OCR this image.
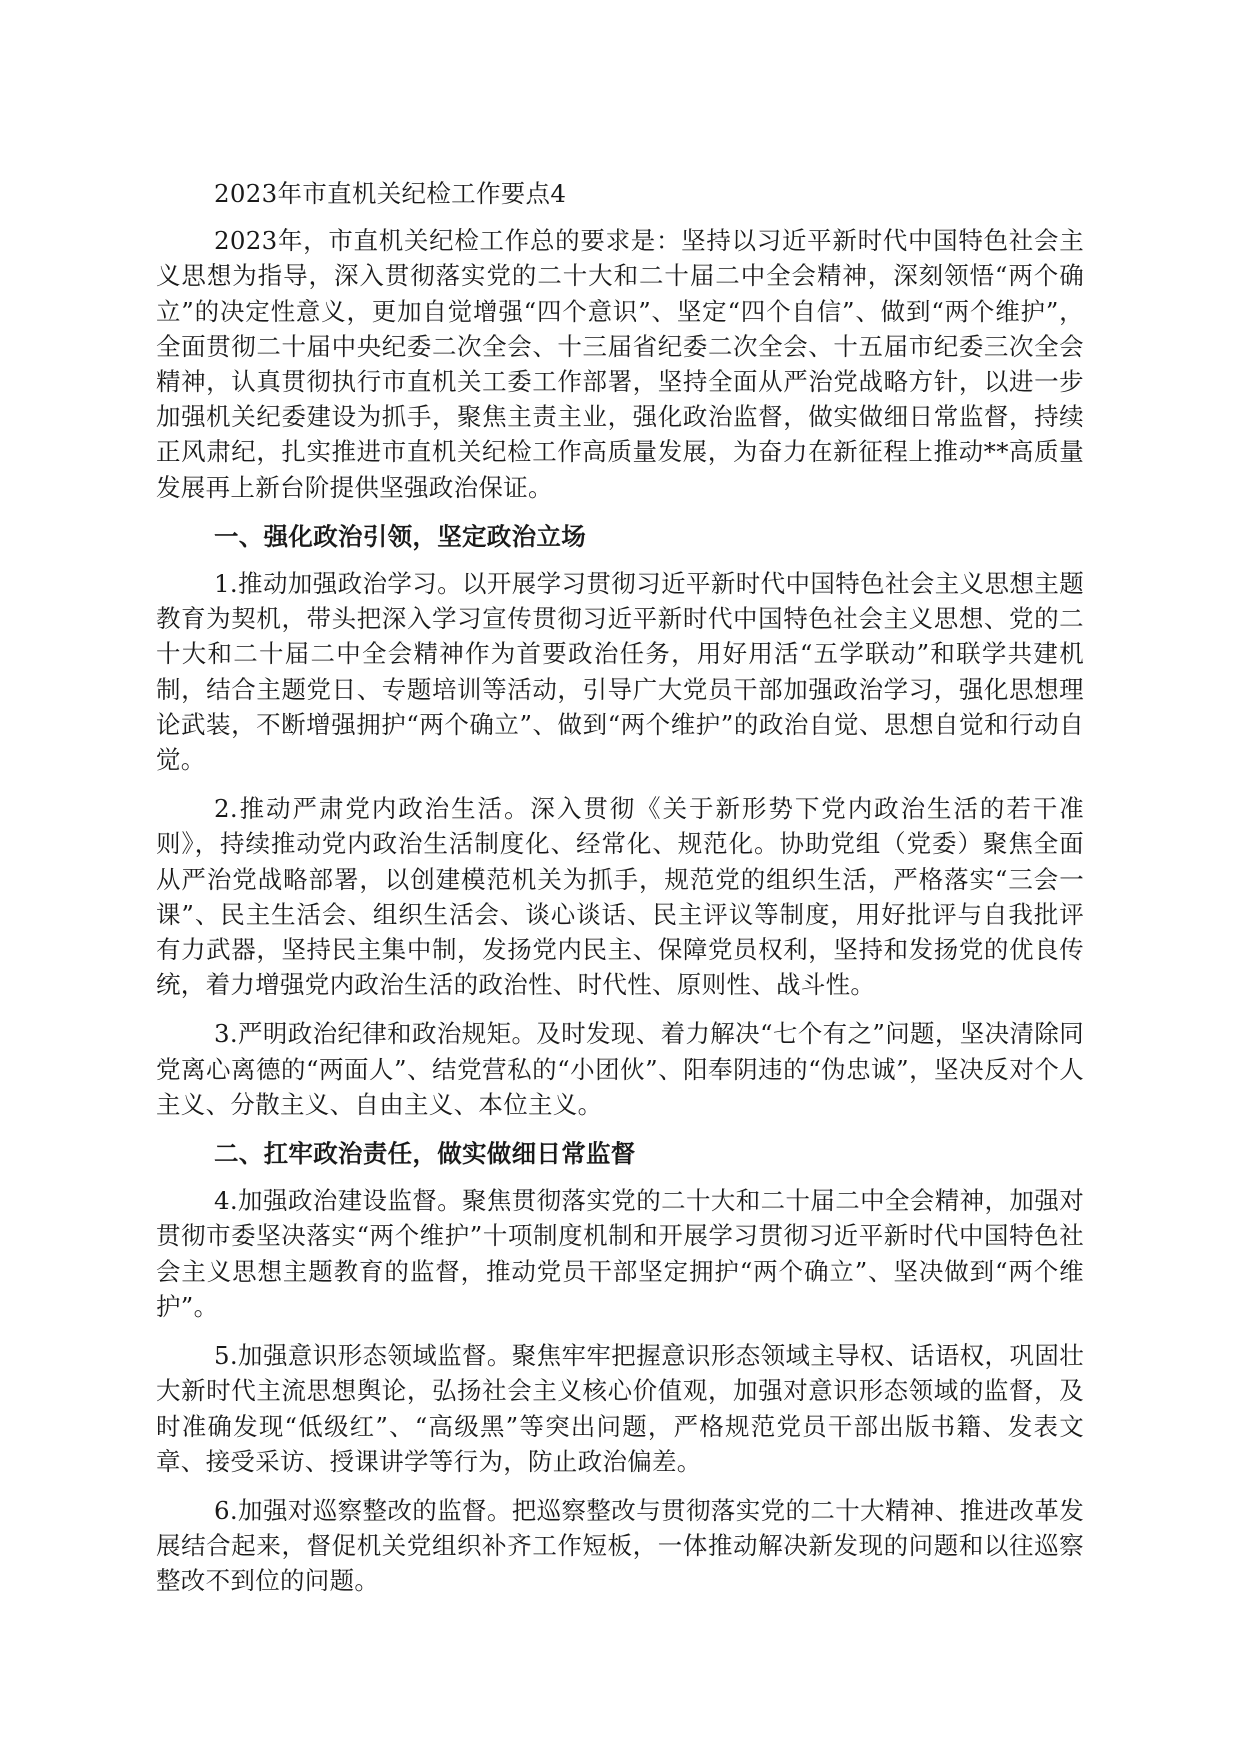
2023年市直机关纪检工作要点4

2023年，市直机关纪检工作总的要求是：坚持以习近平新时代中国特色社会主义思想为指导，深入贯彻落实党的二十大和二十届二中全会精神，深刻领悟“两个确立”的决定性意义，更加自觉增强“四个意识”、坚定“四个自信”、做到“两个维护”，全面贯彻二十届中央纪委二次全会、十三届省纪委二次全会、十五届市纪委三次全会精神，认真贯彻执行市直机关工委工作部署，坚持全面从严治党战略方针，以进一步加强机关纪委建设为抓手，聚焦主责主业，强化政治监督，做实做细日常监督，持续正风肃纪，扎实推进市直机关纪检工作高质量发展，为奋力在新征程上推动**高质量发展再上新台阶提供坚强政治保证。

一、强化政治引领，坚定政治立场

1.推动加强政治学习。以开展学习贯彻习近平新时代中国特色社会主义思想主题教育为契机，带头把深入学习宣传贯彻习近平新时代中国特色社会主义思想、党的二十大和二十届二中全会精神作为首要政治任务，用好用活“五学联动”和联学共建机制，结合主题党日、专题培训等活动，引导广大党员干部加强政治学习，强化思想理论武装，不断增强拥护“两个确立”、做到“两个维护”的政治自觉、思想自觉和行动自觉。

2.推动严肃党内政治生活。深入贯彻《关于新形势下党内政治生活的若干准则》，持续推动党内政治生活制度化、经常化、规范化。协助党组（党委）聚焦全面从严治党战略部署，以创建模范机关为抓手，规范党的组织生活，严格落实“三会一课”、民主生活会、组织生活会、谈心谈话、民主评议等制度，用好批评与自我批评有力武器，坚持民主集中制，发扬党内民主、保障党员权利，坚持和发扬党的优良传统，着力增强党内政治生活的政治性、时代性、原则性、战斗性。

3.严明政治纪律和政治规矩。及时发现、着力解决“七个有之”问题，坚决清除同党离心离德的“两面人”、结党营私的“小团伙”、阳奉阴违的“伪忠诚”，坚决反对个人主义、分散主义、自由主义、本位主义。

二、扛牢政治责任，做实做细日常监督

4.加强政治建设监督。聚焦贯彻落实党的二十大和二十届二中全会精神，加强对贯彻市委坚决落实“两个维护”十项制度机制和开展学习贯彻习近平新时代中国特色社会主义思想主题教育的监督，推动党员干部坚定拥护“两个确立”、坚决做到“两个维护”。

5.加强意识形态领域监督。聚焦牢牢把握意识形态领域主导权、话语权，巩固壮大新时代主流思想舆论，弘扬社会主义核心价值观，加强对意识形态领域的监督，及时准确发现“低级红”、“高级黑”等突出问题，严格规范党员干部出版书籍、发表文章、接受采访、授课讲学等行为，防止政治偏差。

6.加强对巡察整改的监督。把巡察整改与贯彻落实党的二十大精神、推进改革发展结合起来，督促机关党组织补齐工作短板，一体推动解决新发现的问题和以往巡察整改不到位的问题。
